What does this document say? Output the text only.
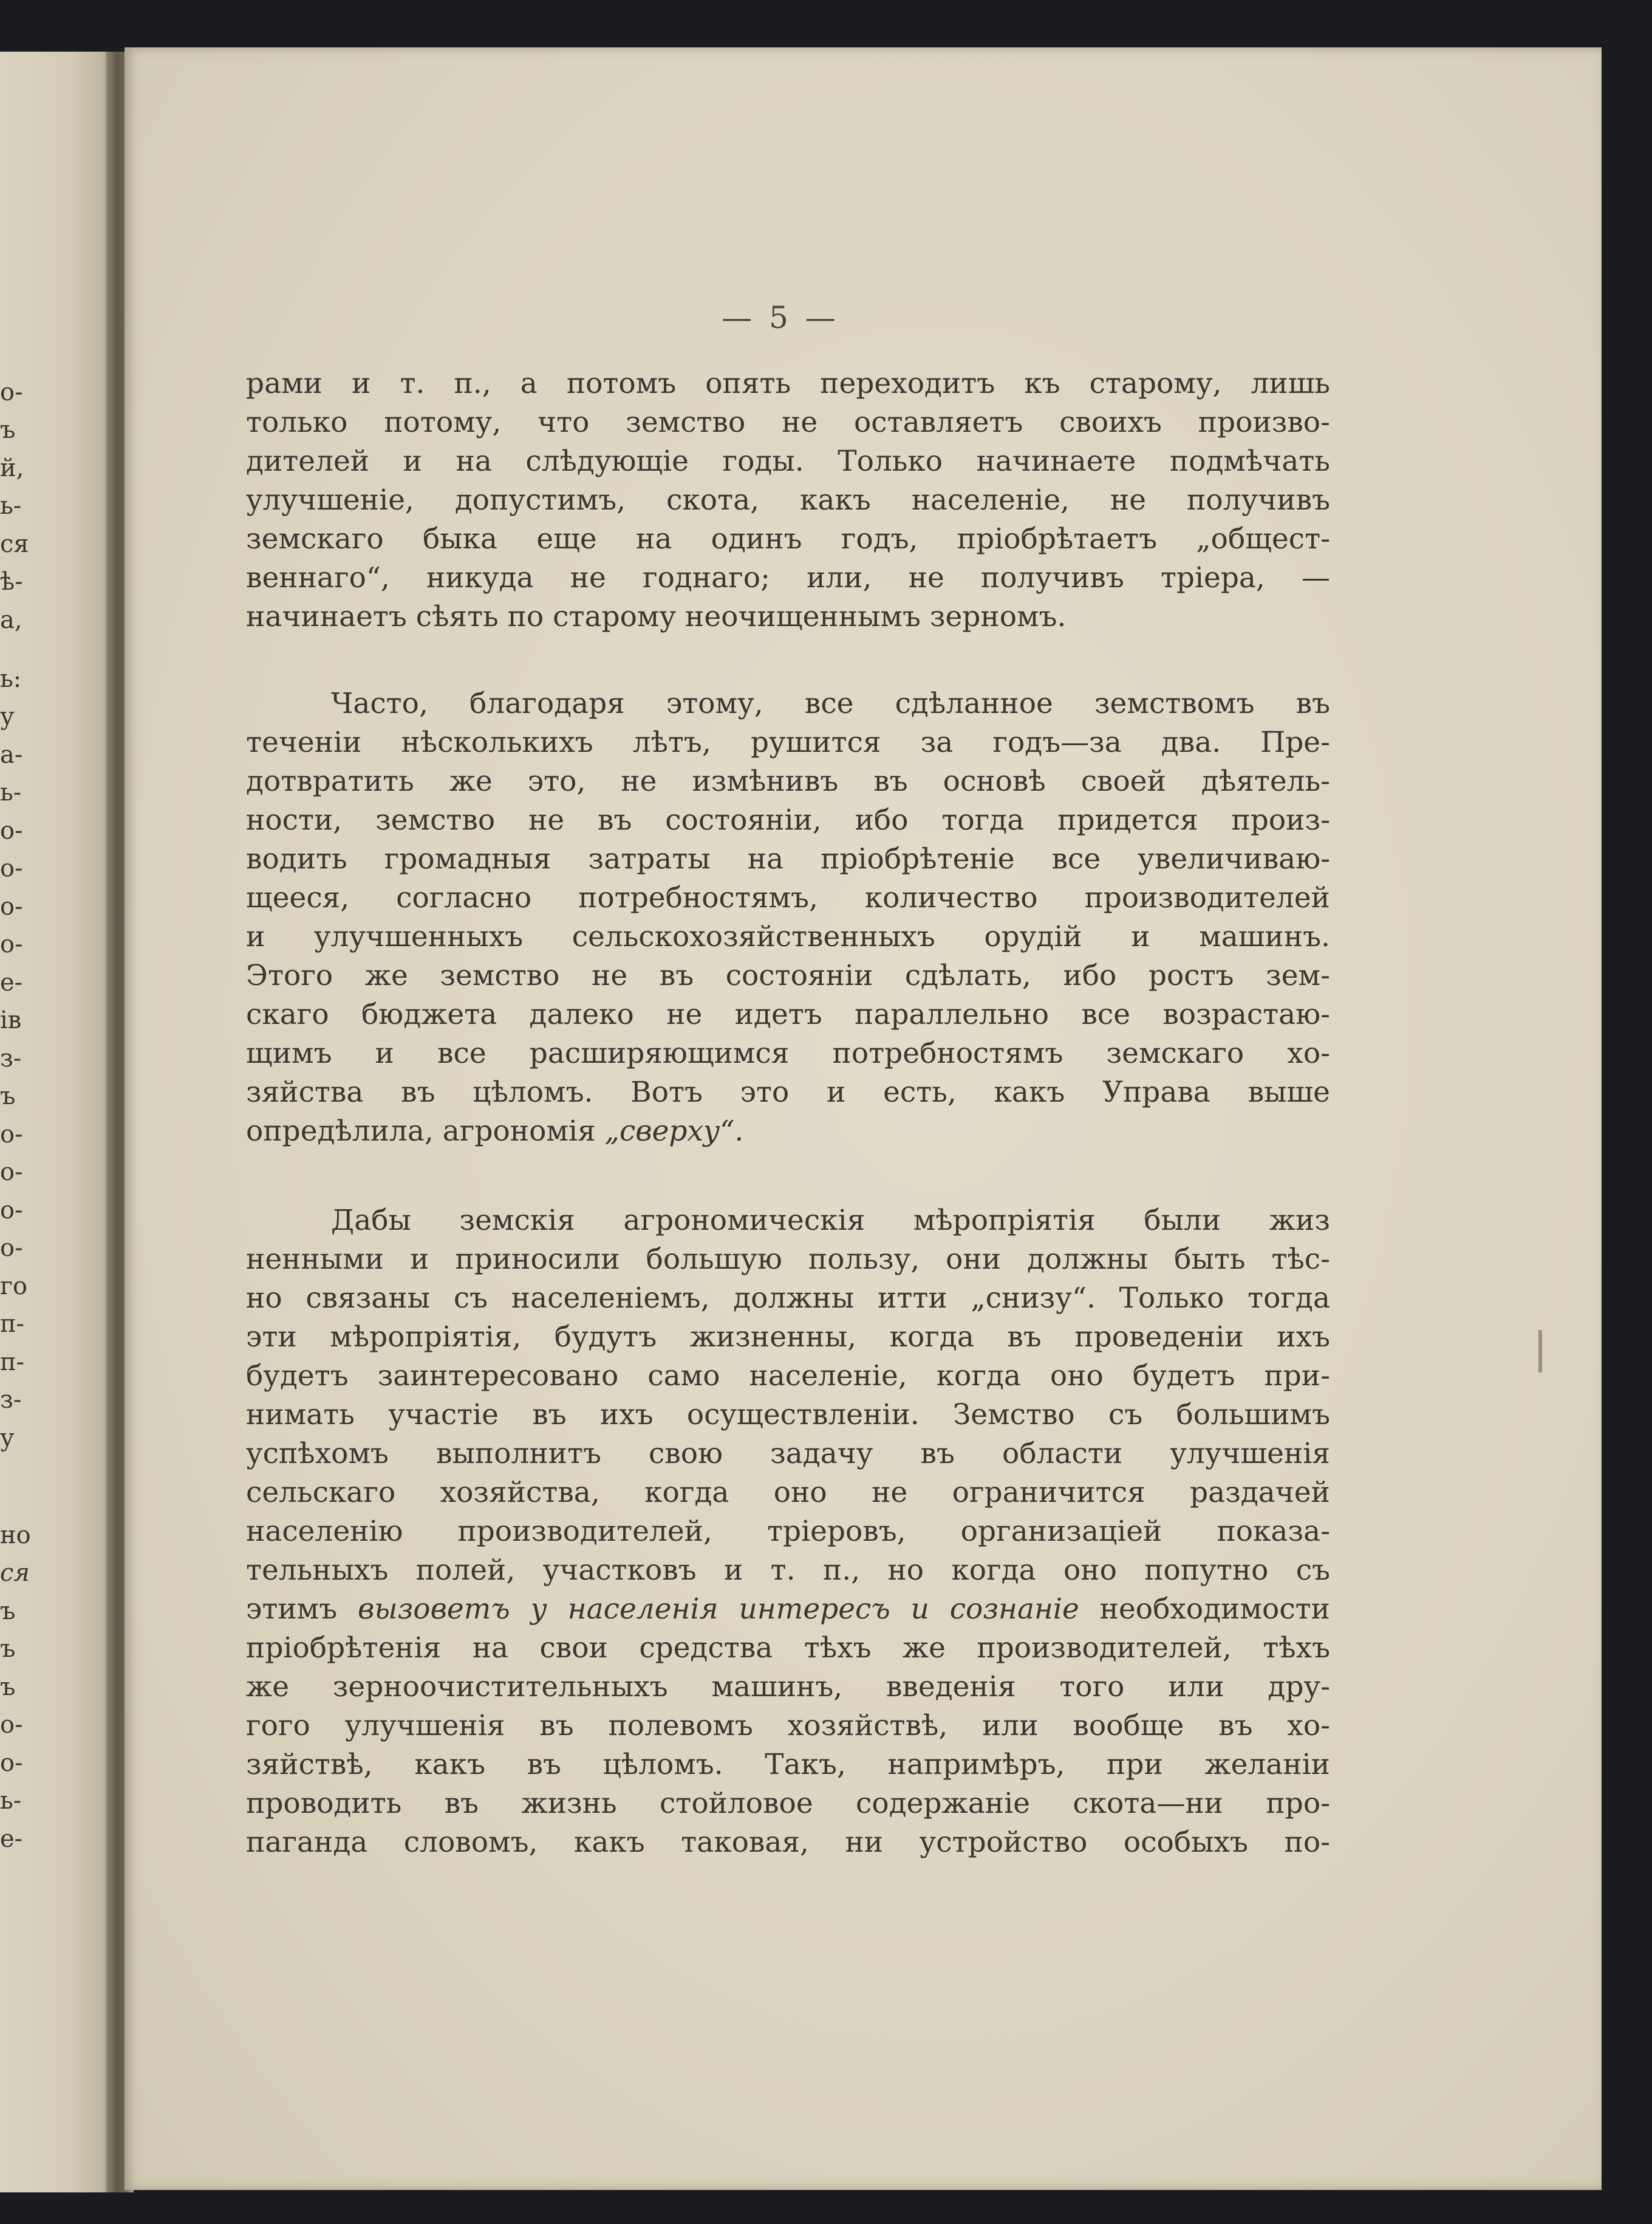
о-
ъ
й,
ь-
ся
ѣ-
а,
ь:
у
а-
ь-
о-
о-
о-
о-
е-
ів
з-
ъ
о-
о-
о-
о-
го
п-
п-
з-
у
но
ся
ъ
ъ
ъ
о-
о-
ь-
е-
— 5 —
рами и т. п., а потомъ опять переходитъ къ старому, лишь
только потому, что земство не оставляетъ своихъ произво-
дителей и на слѣдующіе годы. Только начинаете подмѣчать
улучшеніе, допустимъ, скота, какъ населеніе, не получивъ
земскаго быка еще на одинъ годъ, пріобрѣтаетъ „общест-
веннаго“, никуда не годнаго; или, не получивъ тріера, —
начинаетъ сѣять по старому неочищеннымъ зерномъ.
Часто, благодаря этому, все сдѣланное земствомъ въ
теченіи нѣсколькихъ лѣтъ, рушится за годъ—за два. Пре-
дотвратить же это, не измѣнивъ въ основѣ своей дѣятель-
ности, земство не въ состояніи, ибо тогда придется произ-
водить громадныя затраты на пріобрѣтеніе все увеличиваю-
щееся, согласно потребностямъ, количество производителей
и улучшенныхъ сельскохозяйственныхъ орудій и машинъ.
Этого же земство не въ состояніи сдѣлать, ибо ростъ зем-
скаго бюджета далеко не идетъ параллельно все возрастаю-
щимъ и все расширяющимся потребностямъ земскаго хо-
зяйства въ цѣломъ. Вотъ это и есть, какъ Управа выше
опредѣлила, агрономія „сверху“.
Дабы земскія агрономическія мѣропріятія были жиз
ненными и приносили большую пользу, они должны быть тѣс-
но связаны съ населеніемъ, должны итти „снизу“. Только тогда
эти мѣропріятія, будутъ жизненны, когда въ проведеніи ихъ
будетъ заинтересовано само населеніе, когда оно будетъ при-
нимать участіе въ ихъ осуществленіи. Земство съ большимъ
успѣхомъ выполнитъ свою задачу въ области улучшенія
сельскаго хозяйства, когда оно не ограничится раздачей
населенію производителей, тріеровъ, организаціей показа-
тельныхъ полей, участковъ и т. п., но когда оно попутно съ
этимъ вызоветъ у населенія интересъ и сознаніе необходимости
пріобрѣтенія на свои средства тѣхъ же производителей, тѣхъ
же зерноочистительныхъ машинъ, введенія того или дру-
гого улучшенія въ полевомъ хозяйствѣ, или вообще въ хо-
зяйствѣ, какъ въ цѣломъ. Такъ, напримѣръ, при желаніи
проводить въ жизнь стойловое содержаніе скота—ни про-
паганда словомъ, какъ таковая, ни устройство особыхъ по-
